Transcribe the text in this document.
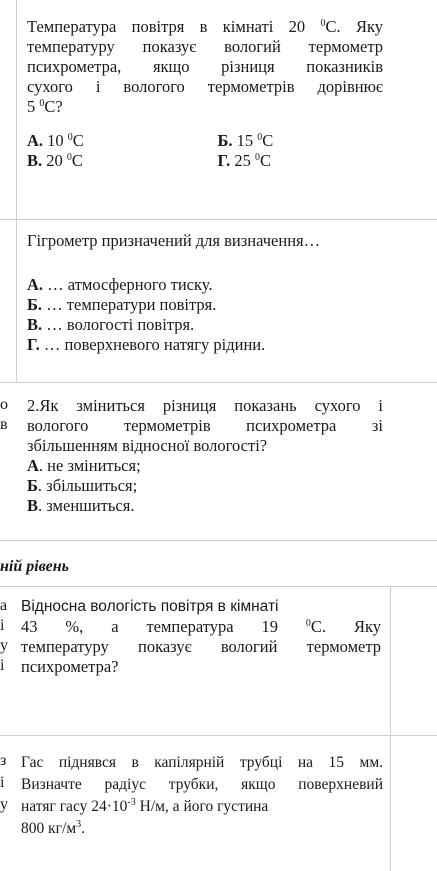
Температура повітря в кімнаті 20 $^0$С. Яку
температуру показує вологий термометр
психрометра, якщо різниця показників
сухого і вологого термометрів дорівнює
5 $^0$С?
А. 10 $^0$C	Б. 15 $^0$C
В. 20 $^0$C	Г. 25 $^0$C
Гігрометр призначений для визначення…
А. … атмосферного тиску.
Б. … температури повітря.
В. … вологості повітря.
Г. … поверхневого натягу рідини.
о
в
2.Як зміниться різниця показань сухого і
вологого термометрів психрометра зі
збільшенням відносної вологості?
А. не зміниться;
Б. збільшиться;
В. зменшиться.
ній рівень
а
і
у
і
Відносна вологість повітря в кімнаті
43 %, а температура 19 $^0$С. Яку
температуру показує вологий термометр
психрометра?
з
і
у
Гас піднявся в капілярній трубці на 15 мм.
Визначте радіус трубки, якщо поверхневий
натяг гасу $24\cdot 10^{-3}$ Н/м, а його густина
800 $кг/м^3$.
